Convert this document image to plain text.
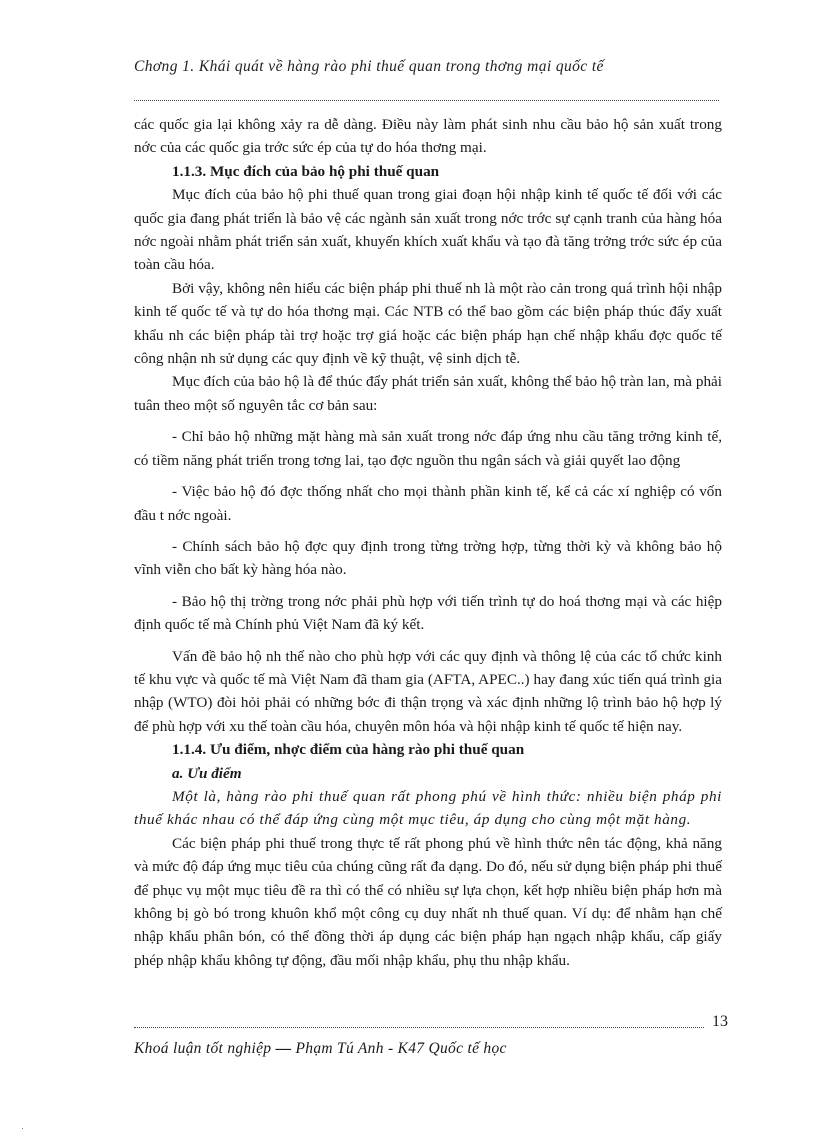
Chơng 1. Khái quát về hàng rào phi thuế quan trong thơng mại quốc tế

các quốc gia lại không xảy ra dễ dàng. Điều này làm phát sinh nhu cầu bảo hộ sản xuất trong nớc của các quốc gia trớc sức ép của tự do hóa thơng mại.

1.1.3. Mục đích của bảo hộ phi thuế quan

Mục đích của bảo hộ phi thuế quan trong giai đoạn hội nhập kinh tế quốc tế đối với các quốc gia đang phát triển là bảo vệ các ngành sản xuất trong nớc trớc sự cạnh tranh của hàng hóa nớc ngoài nhằm phát triển sản xuất, khuyến khích xuất khẩu và tạo đà tăng trởng trớc sức ép của toàn cầu hóa.

Bởi vậy, không nên hiểu các biện pháp phi thuế nh là một rào cản trong quá trình hội nhập kinh tế quốc tế và tự do hóa thơng mại. Các NTB có thể bao gồm các biện pháp thúc đẩy xuất khẩu nh các biện pháp tài trợ hoặc trợ giá hoặc các biện pháp hạn chế nhập khẩu đợc quốc tế công nhận nh sử dụng các quy định về kỹ thuật, vệ sinh dịch tễ.

Mục đích của bảo hộ là để thúc đẩy phát triển sản xuất, không thể bảo hộ tràn lan, mà phải tuân theo một số nguyên tắc cơ bản sau:

- Chỉ bảo hộ những mặt hàng mà sản xuất trong nớc đáp ứng nhu cầu tăng trởng kinh tế, có tiềm năng phát triển trong tơng lai, tạo đợc nguồn thu ngân sách và giải quyết lao động

- Việc bảo hộ đó đợc thống nhất cho mọi thành phần kinh tế, kể cả các xí nghiệp có vốn đầu t nớc ngoài.

- Chính sách bảo hộ đợc quy định trong từng trờng hợp, từng thời kỳ và không bảo hộ vĩnh viễn cho bất kỳ hàng hóa nào.

- Bảo hộ thị trờng trong nớc phải phù hợp với tiến trình tự do hoá thơng mại và các hiệp định quốc tế mà Chính phủ Việt Nam đã ký kết.

Vấn đề bảo hộ nh thế nào cho phù hợp với các quy định và thông lệ của các tổ chức kinh tế khu vực và quốc tế mà Việt Nam đã tham gia (AFTA, APEC..) hay đang xúc tiến quá trình gia nhập (WTO) đòi hỏi phải có những bớc đi thận trọng và xác định những lộ trình bảo hộ hợp lý để phù hợp với xu thế toàn cầu hóa, chuyên môn hóa và hội nhập kinh tế quốc tế hiện nay.

1.1.4. Ưu điểm, nhợc điểm của hàng rào phi thuế quan

a. Ưu điểm

Một là, hàng rào phi thuế quan rất phong phú về hình thức: nhiều biện pháp phi thuế khác nhau có thể đáp ứng cùng một mục tiêu, áp dụng cho cùng một mặt hàng.

Các biện pháp phi thuế trong thực tế rất phong phú về hình thức nên tác động, khả năng và mức độ đáp ứng mục tiêu của chúng cũng rất đa dạng. Do đó, nếu sử dụng biện pháp phi thuế để phục vụ một mục tiêu đề ra thì có thể có nhiều sự lựa chọn, kết hợp nhiều biện pháp hơn mà không bị gò bó trong khuôn khổ một công cụ duy nhất nh thuế quan. Ví dụ: để nhằm hạn chế nhập khẩu phân bón, có thể đồng thời áp dụng các biện pháp hạn ngạch nhập khẩu, cấp giấy phép nhập khẩu không tự động, đầu mối nhập khẩu, phụ thu nhập khẩu.

13
Khoá luận tốt nghiệp — Phạm Tú Anh - K47 Quốc tế học
